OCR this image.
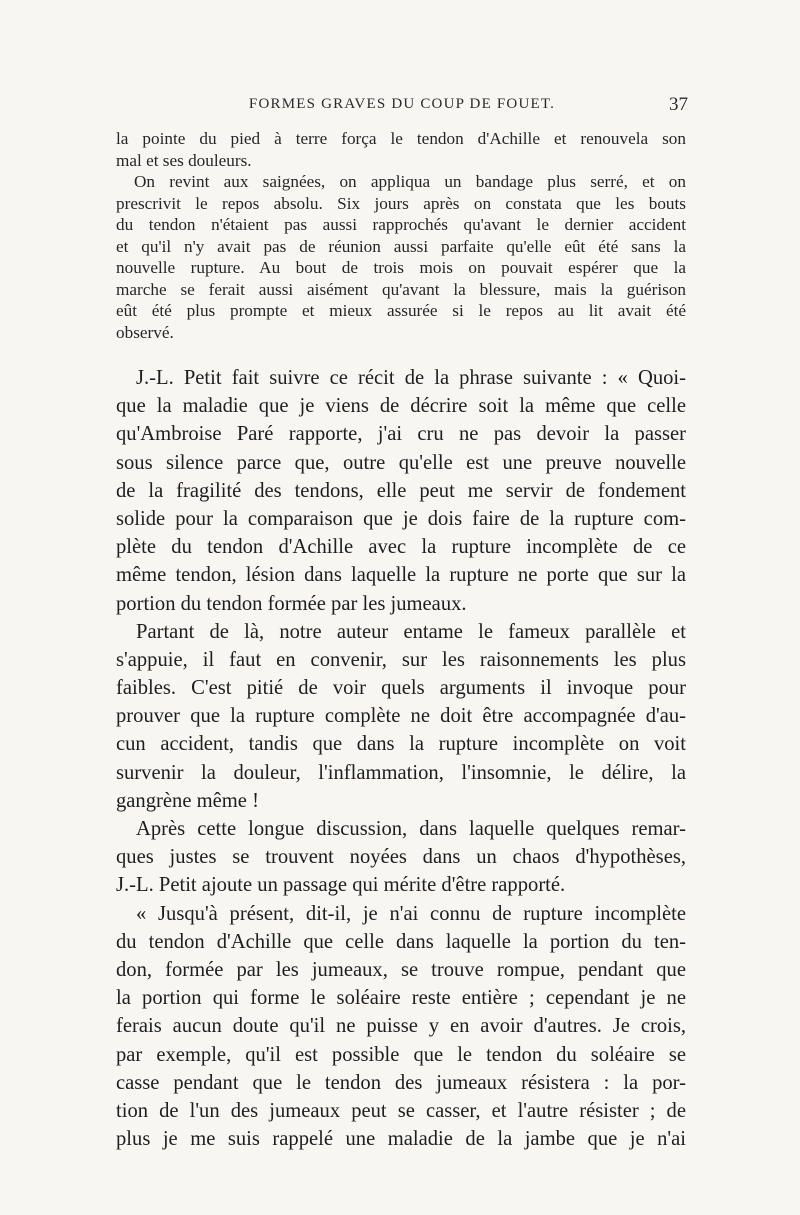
FORMES GRAVES DU COUP DE FOUET.	37
la pointe du pied à terre força le tendon d'Achille et renouvela son
mal et ses douleurs.
On revint aux saignées, on appliqua un bandage plus serré, et on
prescrivit le repos absolu. Six jours après on constata que les bouts
du tendon n'étaient pas aussi rapprochés qu'avant le dernier accident
et qu'il n'y avait pas de réunion aussi parfaite qu'elle eût été sans la
nouvelle rupture. Au bout de trois mois on pouvait espérer que la
marche se ferait aussi aisément qu'avant la blessure, mais la guérison
eût été plus prompte et mieux assurée si le repos au lit avait été
observé.
J.-L. Petit fait suivre ce récit de la phrase suivante : « Quoi-
que la maladie que je viens de décrire soit la même que celle
qu'Ambroise Paré rapporte, j'ai cru ne pas devoir la passer
sous silence parce que, outre qu'elle est une preuve nouvelle
de la fragilité des tendons, elle peut me servir de fondement
solide pour la comparaison que je dois faire de la rupture com-
plète du tendon d'Achille avec la rupture incomplète de ce
même tendon, lésion dans laquelle la rupture ne porte que sur la
portion du tendon formée par les jumeaux.
Partant de là, notre auteur entame le fameux parallèle et
s'appuie, il faut en convenir, sur les raisonnements les plus
faibles. C'est pitié de voir quels arguments il invoque pour
prouver que la rupture complète ne doit être accompagnée d'au-
cun accident, tandis que dans la rupture incomplète on voit
survenir la douleur, l'inflammation, l'insomnie, le délire, la
gangrène même !
Après cette longue discussion, dans laquelle quelques remar-
ques justes se trouvent noyées dans un chaos d'hypothèses,
J.-L. Petit ajoute un passage qui mérite d'être rapporté.
« Jusqu'à présent, dit-il, je n'ai connu de rupture incomplète
du tendon d'Achille que celle dans laquelle la portion du ten-
don, formée par les jumeaux, se trouve rompue, pendant que
la portion qui forme le soléaire reste entière ; cependant je ne
ferais aucun doute qu'il ne puisse y en avoir d'autres. Je crois,
par exemple, qu'il est possible que le tendon du soléaire se
casse pendant que le tendon des jumeaux résistera : la por-
tion de l'un des jumeaux peut se casser, et l'autre résister ; de
plus je me suis rappelé une maladie de la jambe que je n'ai
